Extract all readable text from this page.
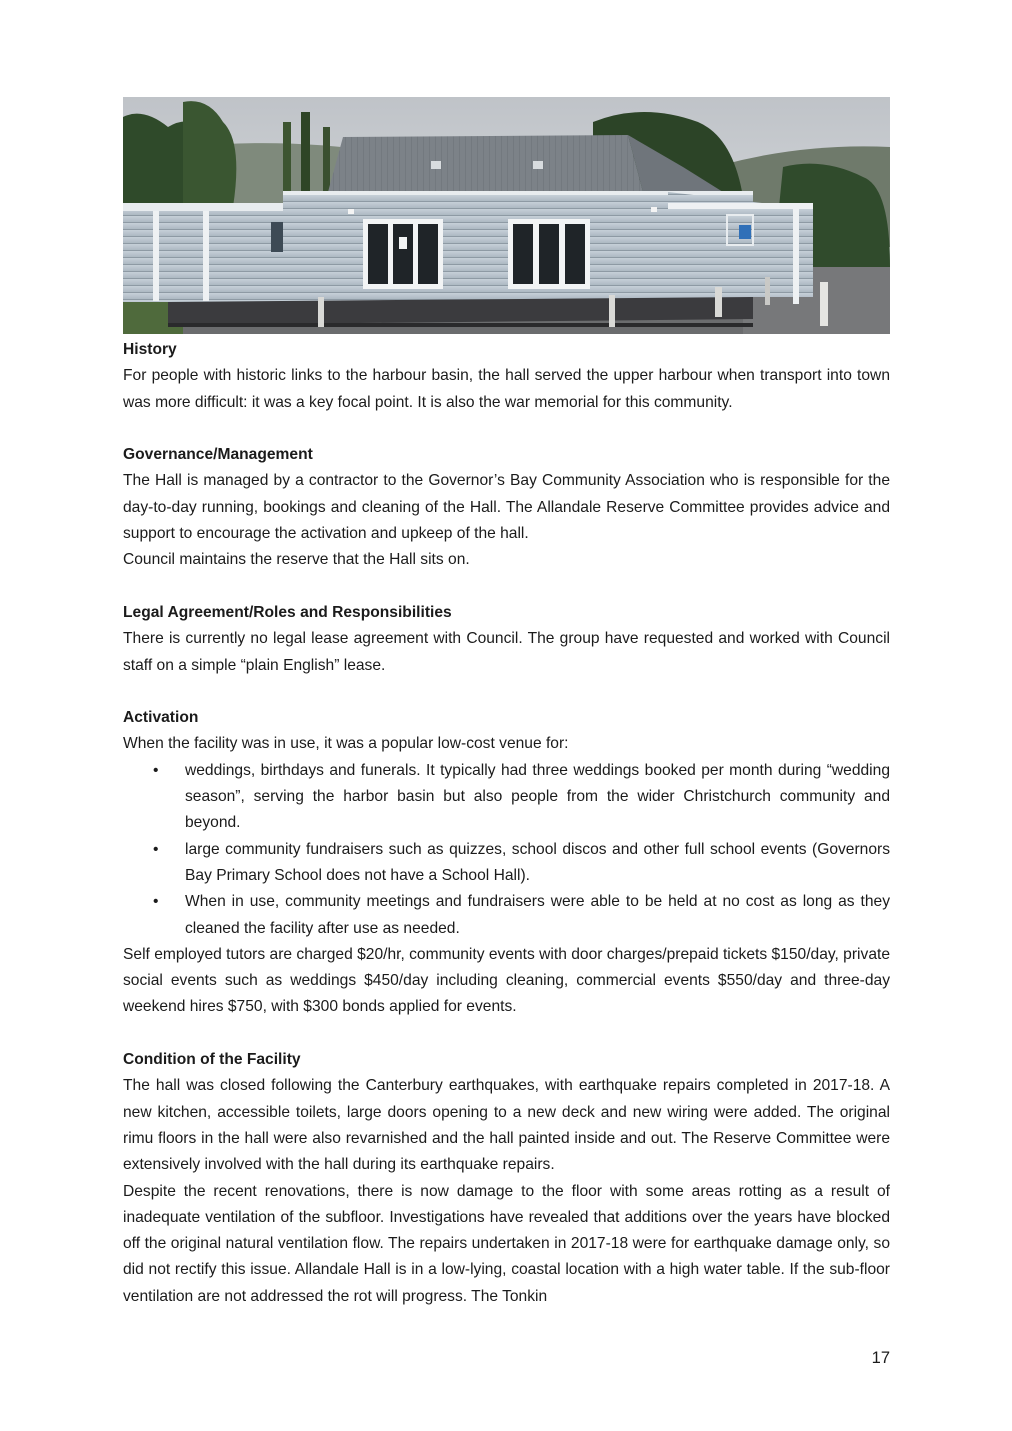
History

For people with historic links to the harbour basin, the hall served the upper harbour when transport into town was more difficult: it was a key focal point. It is also the war memorial for this community.

Governance/Management

The Hall is managed by a contractor to the Governor’s Bay Community Association who is responsible for the day-to-day running, bookings and cleaning of the Hall. The Allandale Reserve Committee provides advice and support to encourage the activation and upkeep of the hall.

Council maintains the reserve that the Hall sits on.

Legal Agreement/Roles and Responsibilities

There is currently no legal lease agreement with Council. The group have requested and worked with Council staff on a simple “plain English” lease.

Activation

When the facility was in use, it was a popular low-cost venue for:

• weddings, birthdays and funerals. It typically had three weddings booked per month during “wedding season”, serving the harbor basin but also people from the wider Christchurch community and beyond.
• large community fundraisers such as quizzes, school discos and other full school events (Governors Bay Primary School does not have a School Hall).
• When in use, community meetings and fundraisers were able to be held at no cost as long as they cleaned the facility after use as needed.

Self employed tutors are charged $20/hr, community events with door charges/prepaid tickets $150/day, private social events such as weddings $450/day including cleaning, commercial events $550/day and three-day weekend hires $750, with $300 bonds applied for events.

Condition of the Facility

The hall was closed following the Canterbury earthquakes, with earthquake repairs completed in 2017-18. A new kitchen, accessible toilets, large doors opening to a new deck and new wiring were added. The original rimu floors in the hall were also revarnished and the hall painted inside and out. The Reserve Committee were extensively involved with the hall during its earthquake repairs.

Despite the recent renovations, there is now damage to the floor with some areas rotting as a result of inadequate ventilation of the subfloor. Investigations have revealed that additions over the years have blocked off the original natural ventilation flow. The repairs undertaken in 2017-18 were for earthquake damage only, so did not rectify this issue. Allandale Hall is in a low-lying, coastal location with a high water table. If the sub-floor ventilation are not addressed the rot will progress. The Tonkin

17
